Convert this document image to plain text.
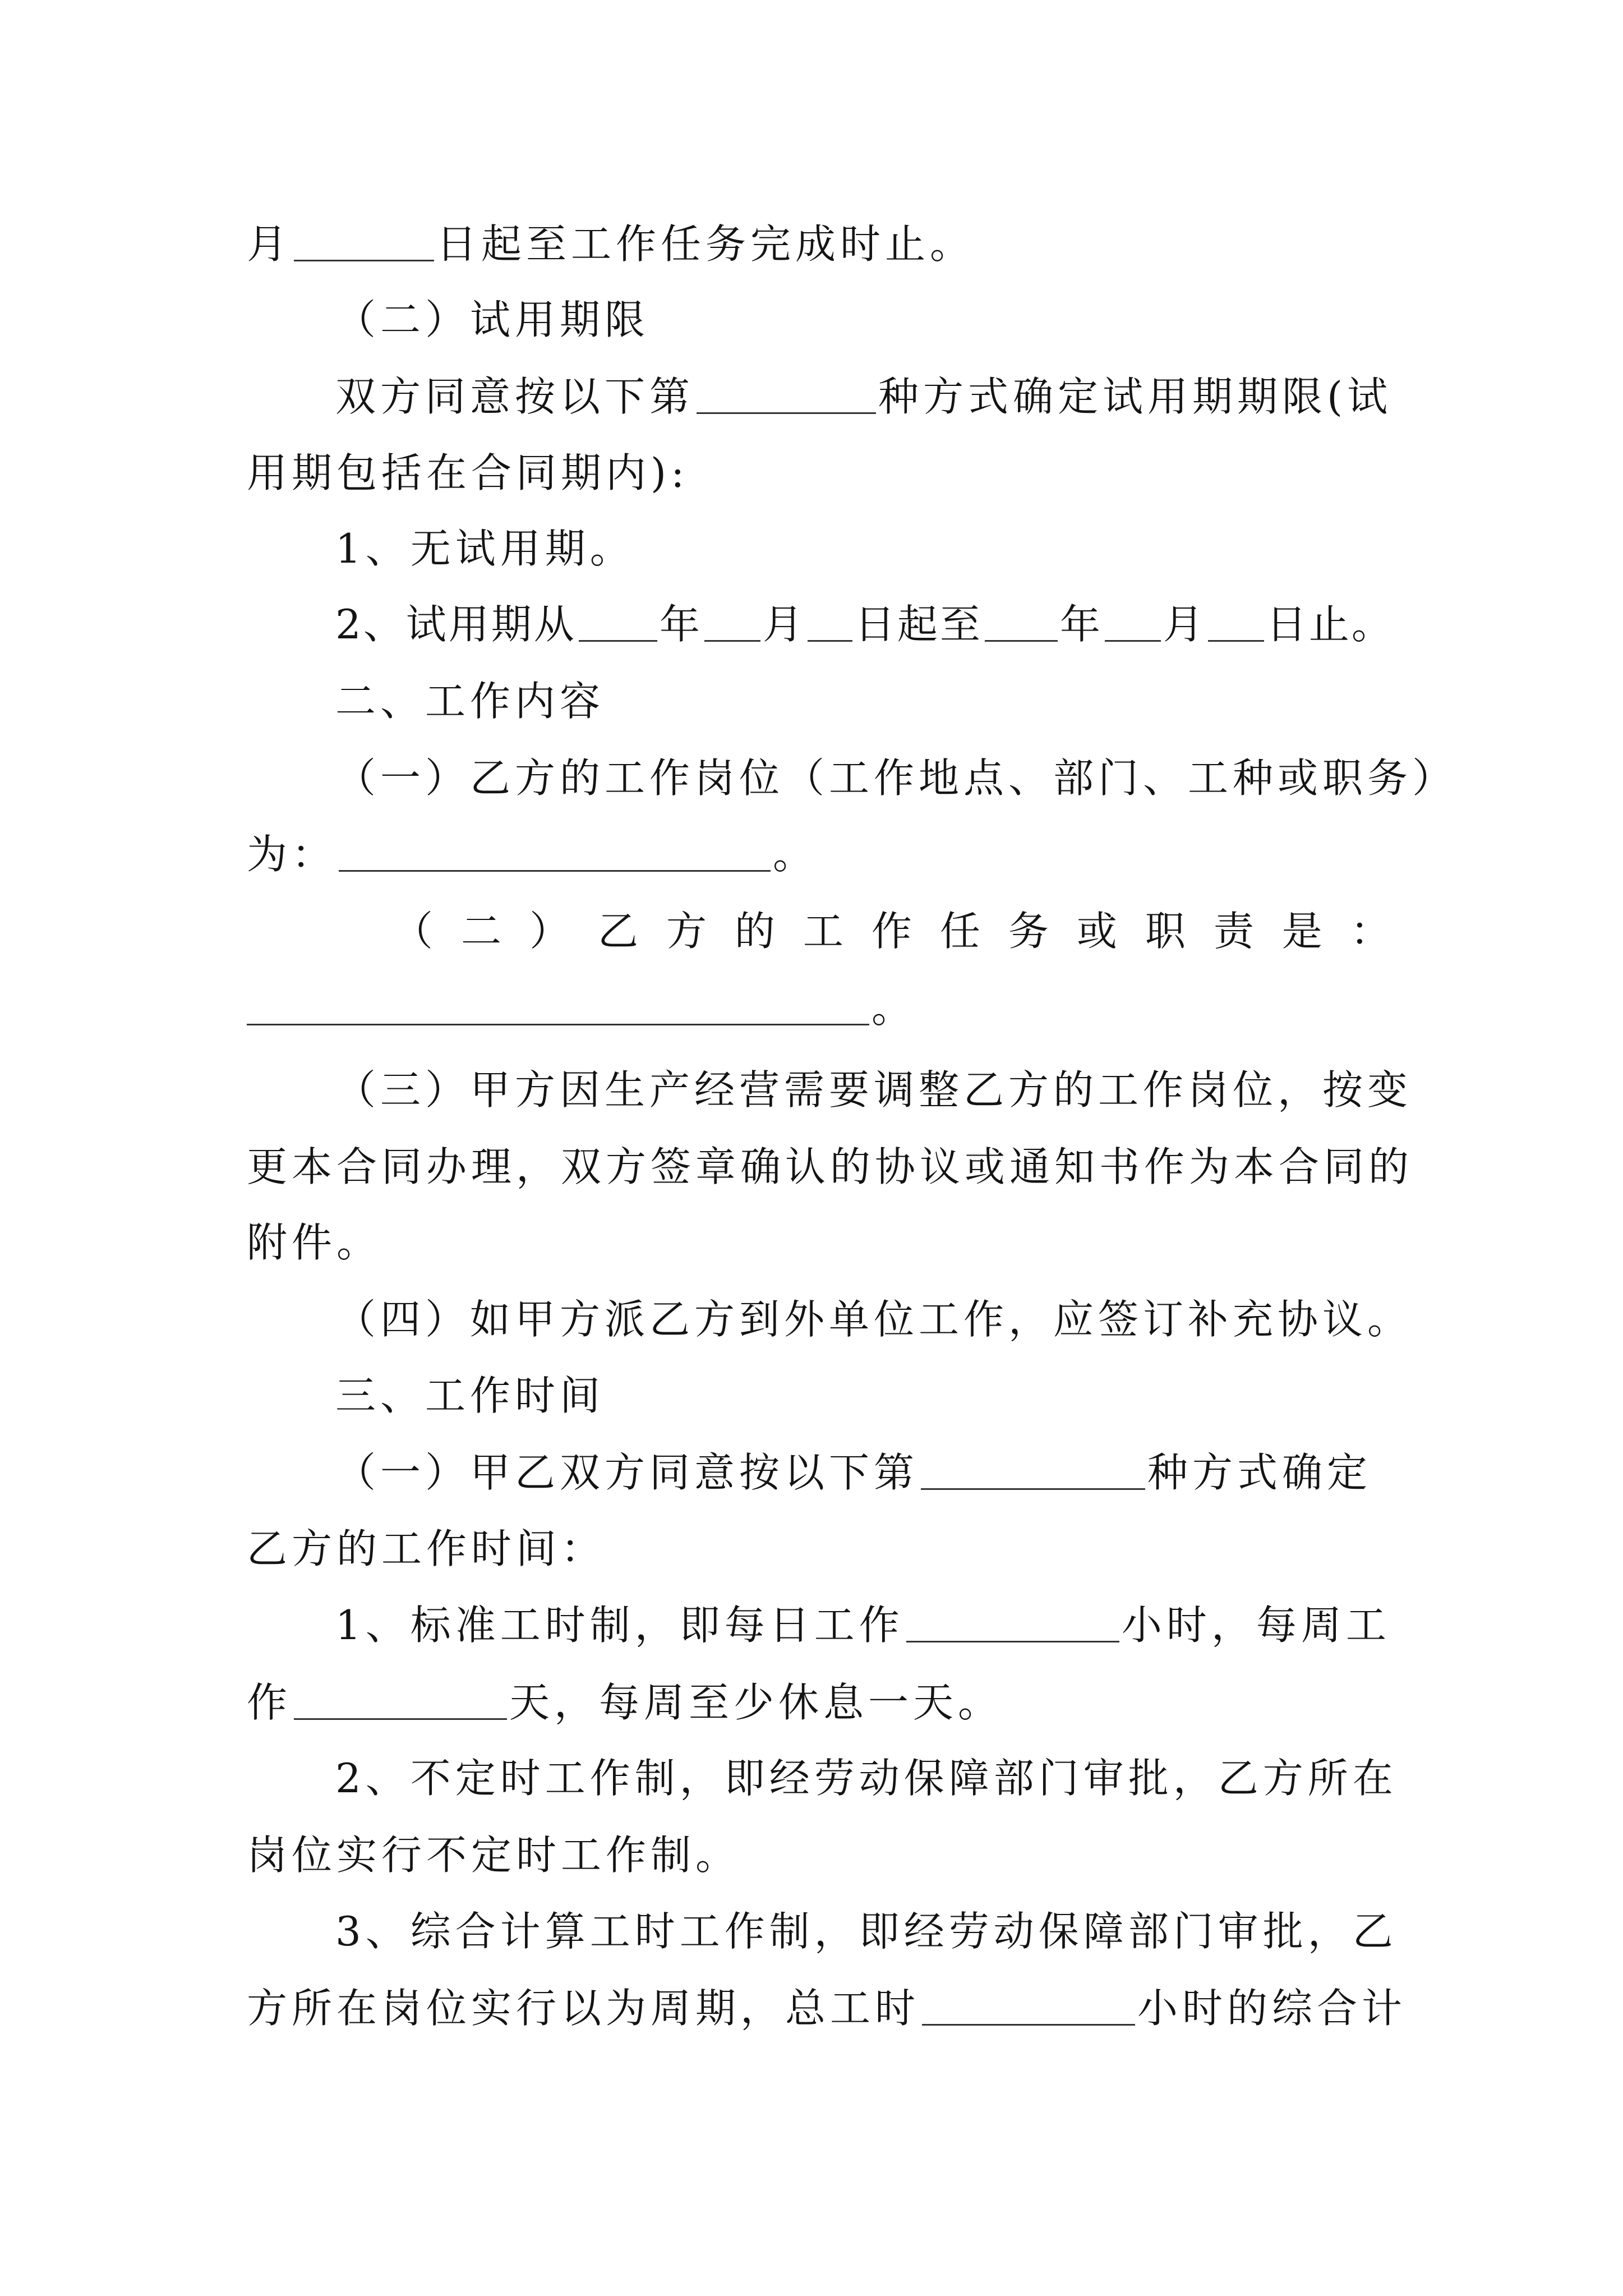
月	日起至工作任务完成时止。
（二）试用期限
双方同意按以下第	种方式确定试用期期限(试
用期包括在合同期内):
1、无试用期。
2、试用期从 年 月 日起至 年 月 日止。
二、工作内容
（一）乙方的工作岗位（工作地点、部门、工种或职务）
为：	。
（ 二 ） 乙 方 的 工 作 任 务 或 职 责 是 ：
。
（三）甲方因生产经营需要调整乙方的工作岗位，按变
更本合同办理，双方签章确认的协议或通知书作为本合同的
附件。
（四）如甲方派乙方到外单位工作，应签订补充协议。
三、工作时间
（一）甲乙双方同意按以下第	种方式确定
乙方的工作时间：
1、标准工时制，即每日工作	小时，每周工
作	天，每周至少休息一天。
2、不定时工作制，即经劳动保障部门审批，乙方所在
岗位实行不定时工作制。
3、综合计算工时工作制，即经劳动保障部门审批，乙
方所在岗位实行以为周期，总工时	小时的综合计
